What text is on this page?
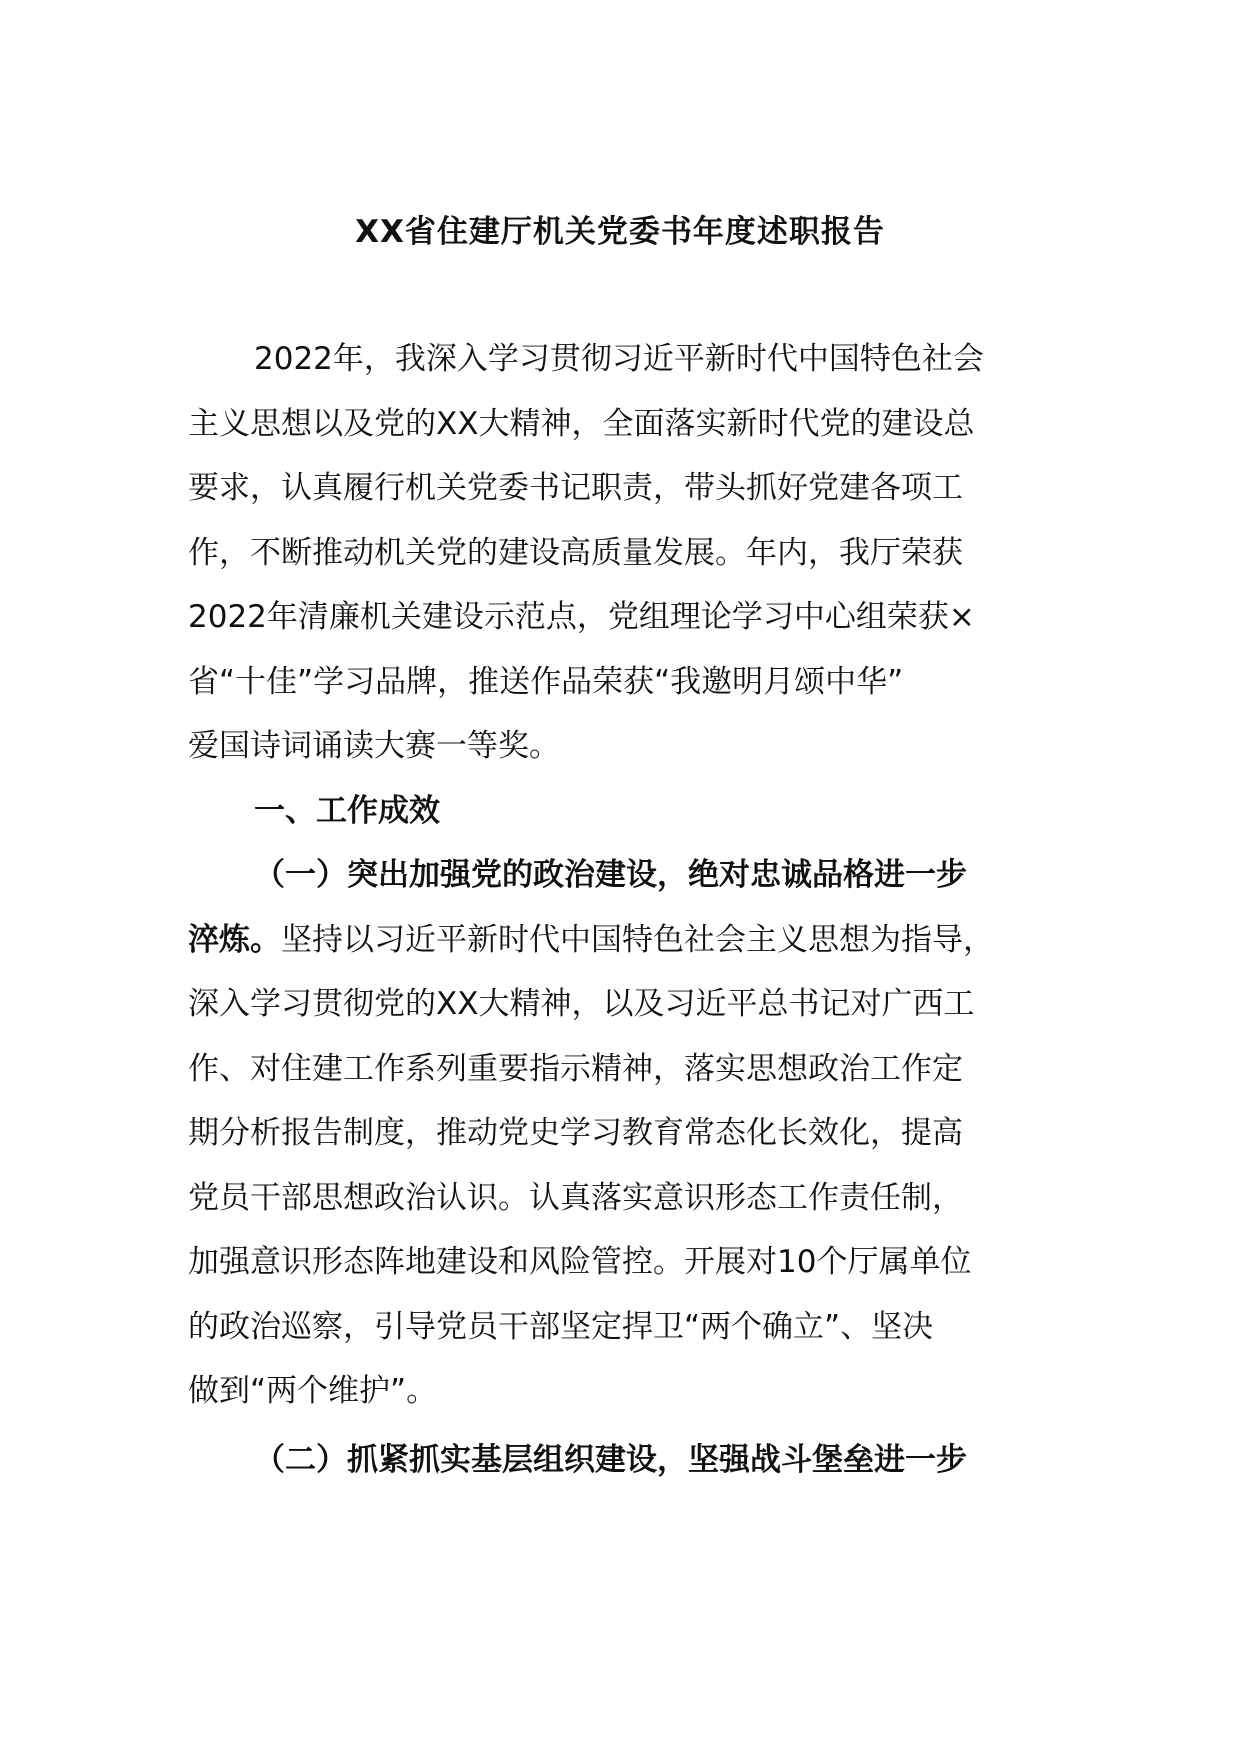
XX省住建厅机关党委书年度述职报告
2022年，我深入学习贯彻习近平新时代中国特色社会
主义思想以及党的XX大精神，全面落实新时代党的建设总
要求，认真履行机关党委书记职责，带头抓好党建各项工
作，不断推动机关党的建设高质量发展。年内，我厅荣获
2022年清廉机关建设示范点，党组理论学习中心组荣获×
省“十佳”学习品牌，推送作品荣获“我邀明月颂中华”
爱国诗词诵读大赛一等奖。
一、工作成效
（一）突出加强党的政治建设，绝对忠诚品格进一步
淬炼。坚持以习近平新时代中国特色社会主义思想为指导，
深入学习贯彻党的XX大精神，以及习近平总书记对广西工
作、对住建工作系列重要指示精神，落实思想政治工作定
期分析报告制度，推动党史学习教育常态化长效化，提高
党员干部思想政治认识。认真落实意识形态工作责任制，
加强意识形态阵地建设和风险管控。开展对10个厅属单位
的政治巡察，引导党员干部坚定捍卫“两个确立”、坚决
做到“两个维护”。
（二）抓紧抓实基层组织建设，坚强战斗堡垒进一步
